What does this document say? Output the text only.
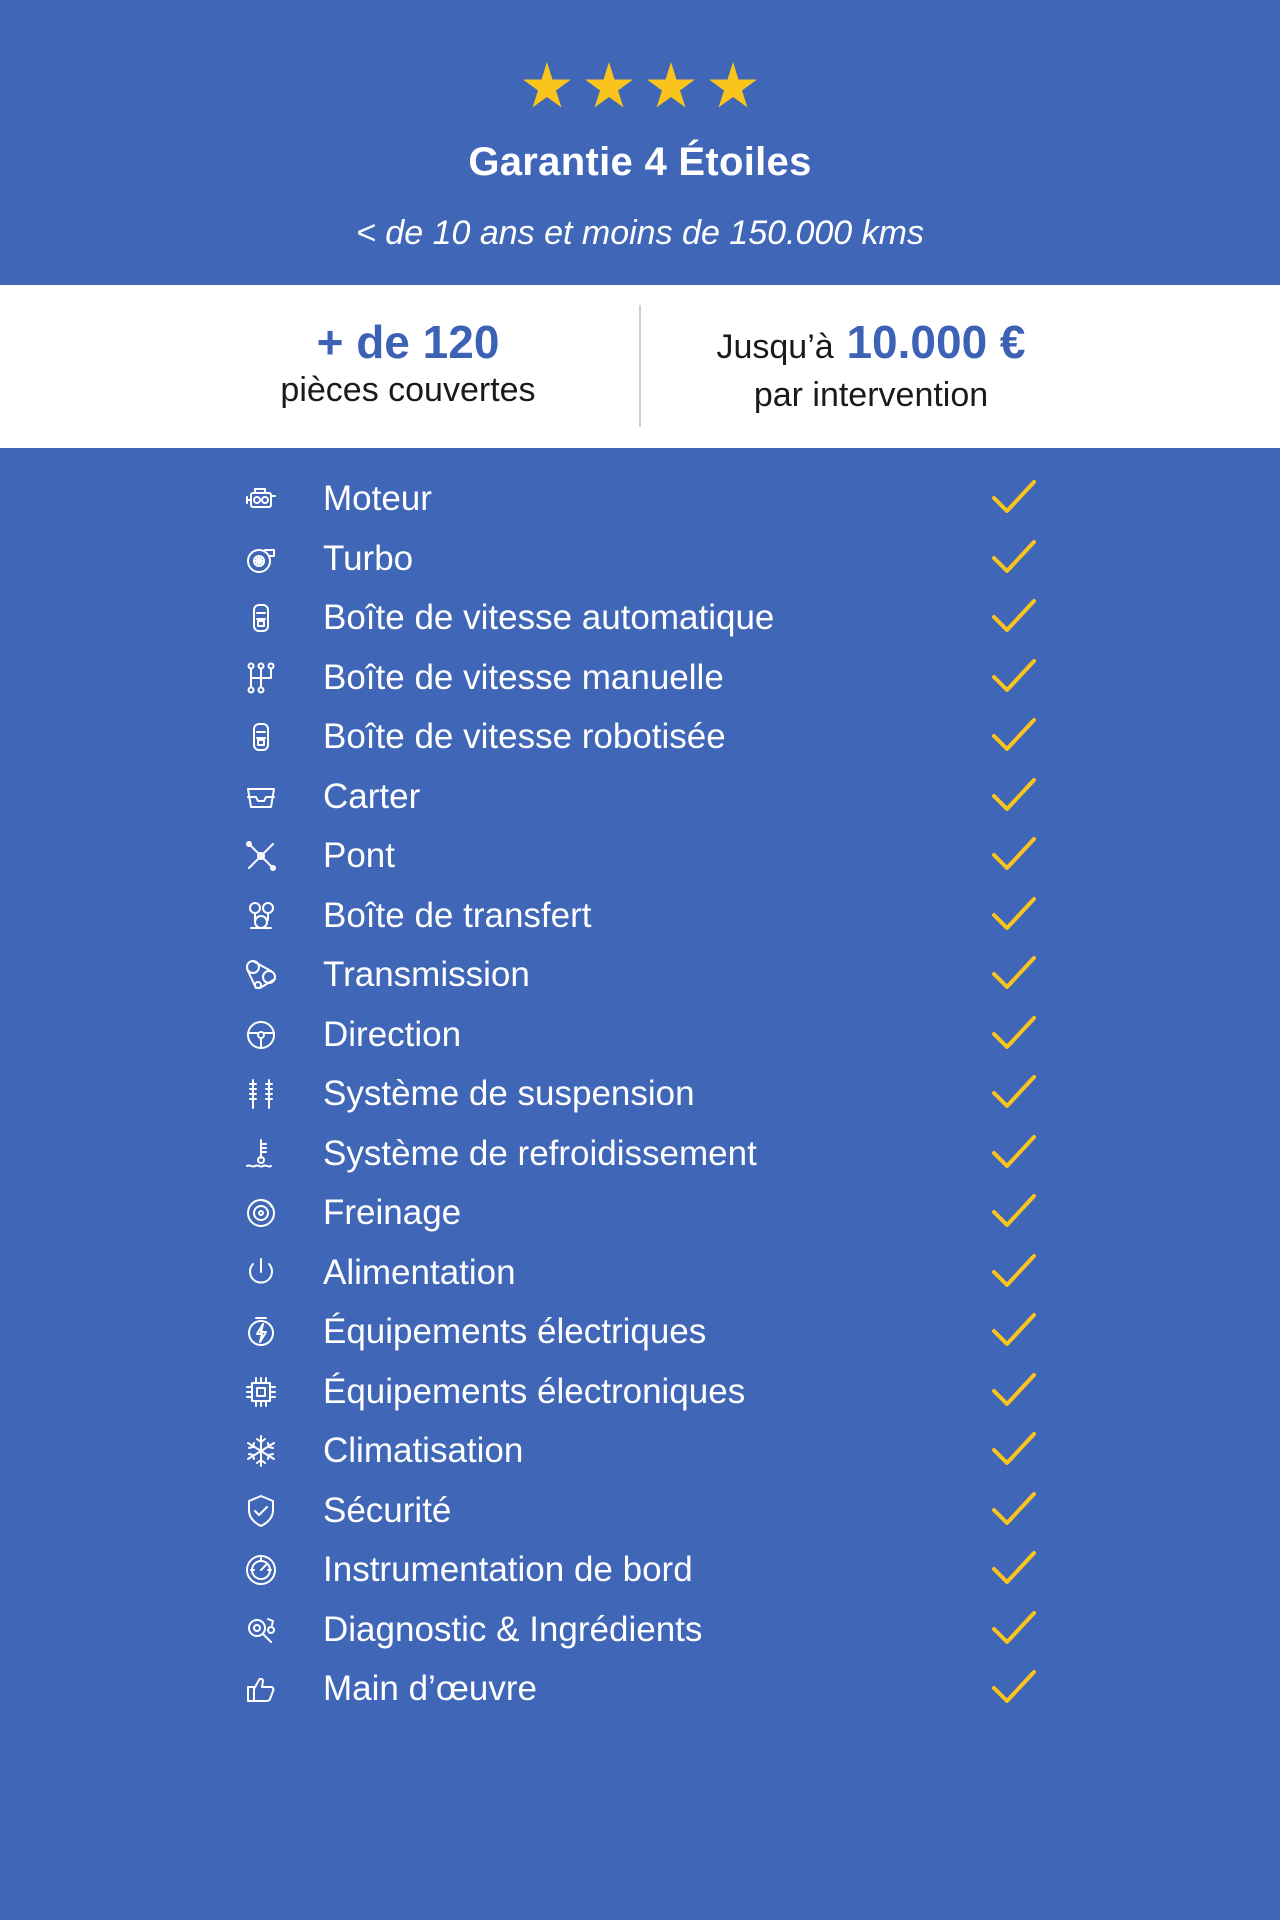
Garantie 4 Étoiles
< de 10 ans et moins de 150.000 kms
+ de 120
pièces couvertes
Jusqu’à 10.000 €
par intervention
Moteur
Turbo
Boîte de vitesse automatique
Boîte de vitesse manuelle
Boîte de vitesse robotisée
Carter
Pont
Boîte de transfert
Transmission
Direction
Système de suspension
Système de refroidissement
Freinage
Alimentation
Équipements électriques
Équipements électroniques
Climatisation
Sécurité
Instrumentation de bord
Diagnostic & Ingrédients
Main d’œuvre
